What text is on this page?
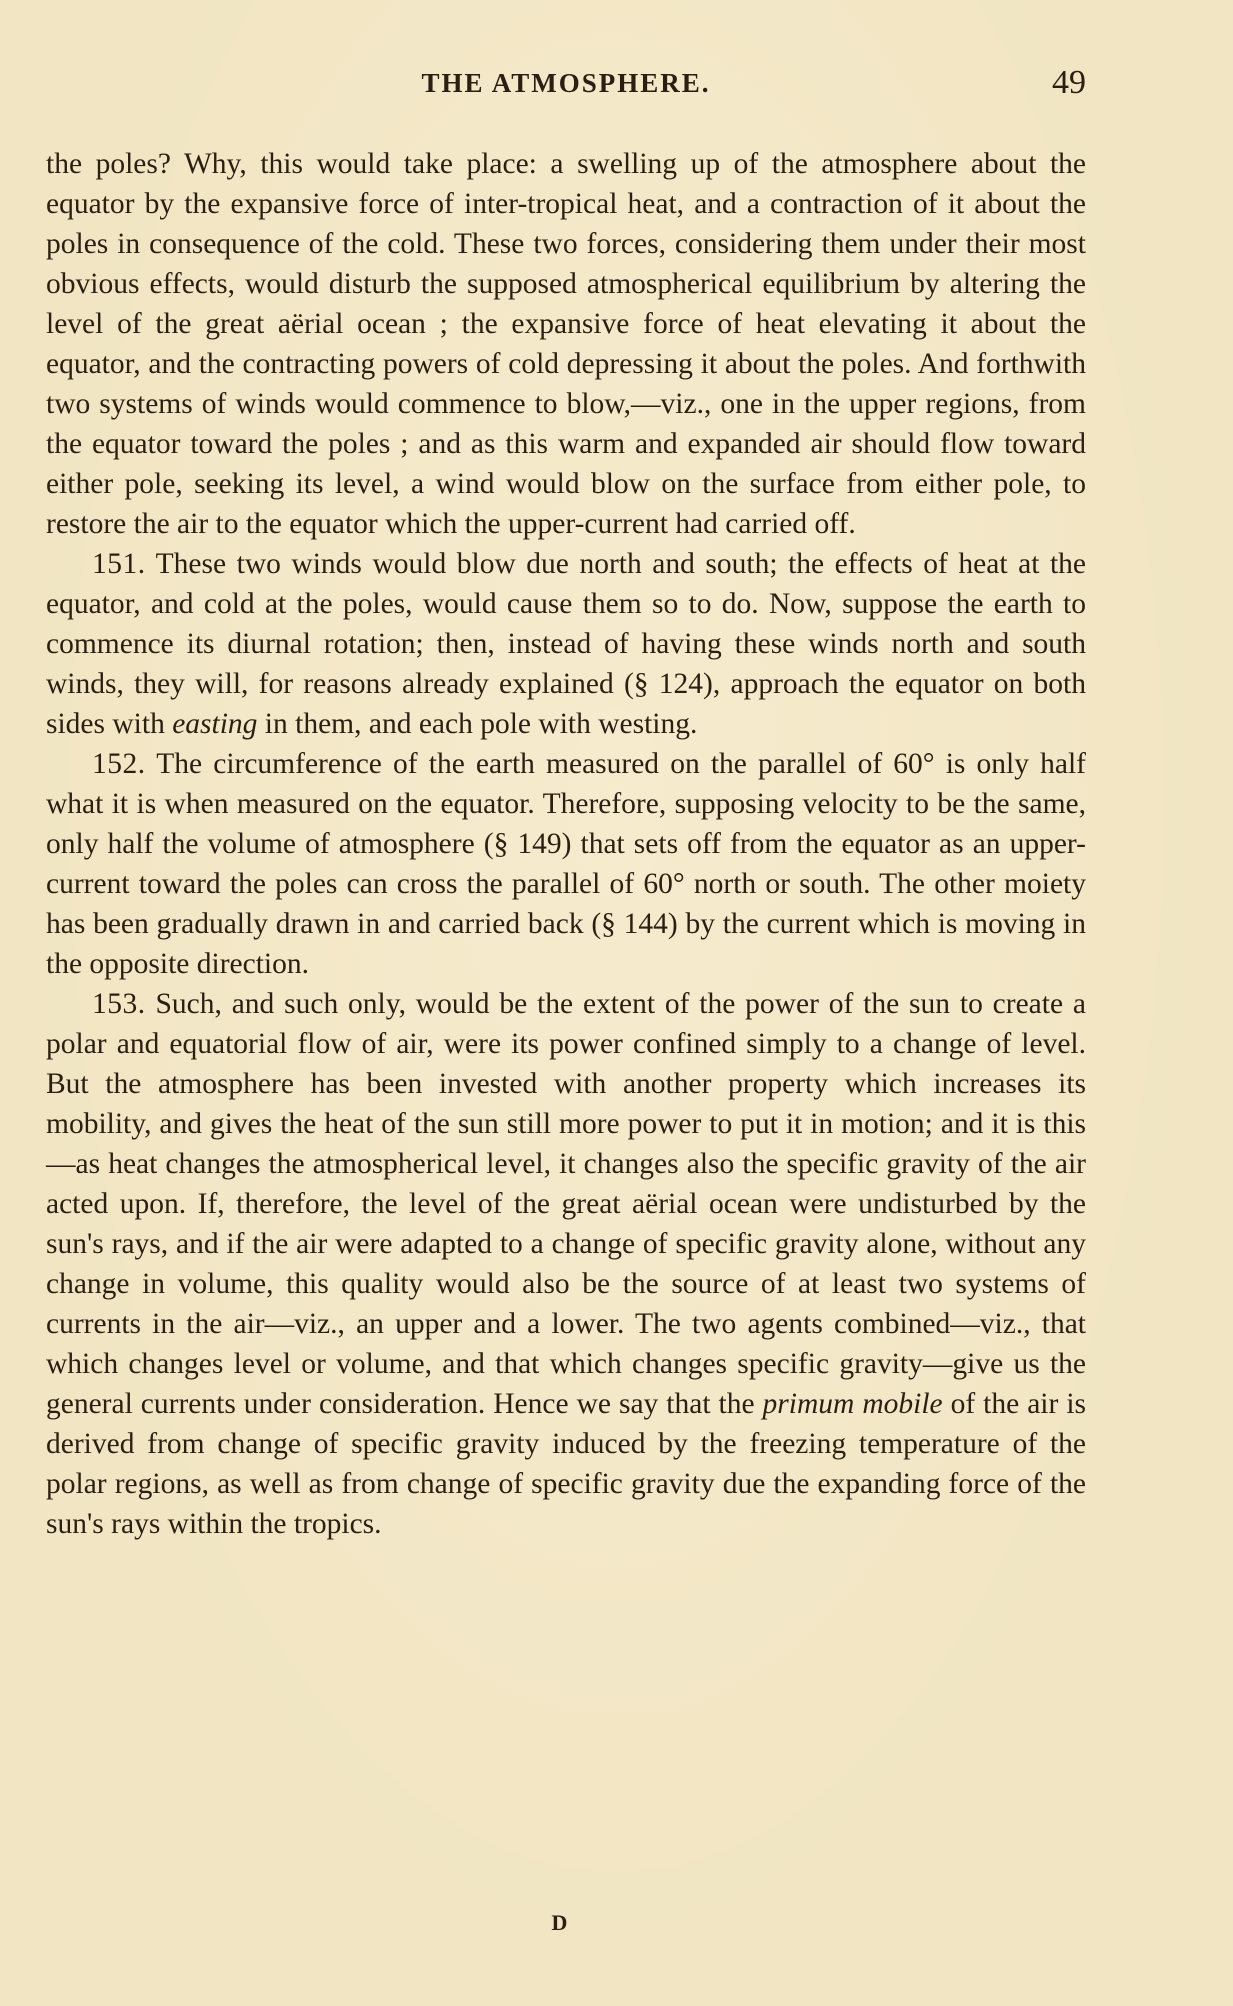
THE ATMOSPHERE.	49

the poles? Why, this would take place: a swelling up of the atmosphere about the equator by the expansive force of inter-tropical heat, and a contraction of it about the poles in consequence of the cold. These two forces, considering them under their most obvious effects, would disturb the supposed atmospherical equilibrium by altering the level of the great aërial ocean ; the expansive force of heat elevating it about the equator, and the contracting powers of cold depressing it about the poles. And forthwith two systems of winds would commence to blow,—viz., one in the upper regions, from the equator toward the poles ; and as this warm and expanded air should flow toward either pole, seeking its level, a wind would blow on the surface from either pole, to restore the air to the equator which the upper-current had carried off.

151. These two winds would blow due north and south; the effects of heat at the equator, and cold at the poles, would cause them so to do. Now, suppose the earth to commence its diurnal rotation; then, instead of having these winds north and south winds, they will, for reasons already explained (§ 124), approach the equator on both sides with easting in them, and each pole with westing.

152. The circumference of the earth measured on the parallel of 60° is only half what it is when measured on the equator. Therefore, supposing velocity to be the same, only half the volume of atmosphere (§ 149) that sets off from the equator as an upper-current toward the poles can cross the parallel of 60° north or south. The other moiety has been gradually drawn in and carried back (§ 144) by the current which is moving in the opposite direction.

153. Such, and such only, would be the extent of the power of the sun to create a polar and equatorial flow of air, were its power confined simply to a change of level. But the atmosphere has been invested with another property which increases its mobility, and gives the heat of the sun still more power to put it in motion; and it is this—as heat changes the atmospherical level, it changes also the specific gravity of the air acted upon. If, therefore, the level of the great aërial ocean were undisturbed by the sun's rays, and if the air were adapted to a change of specific gravity alone, without any change in volume, this quality would also be the source of at least two systems of currents in the air—viz., an upper and a lower. The two agents combined—viz., that which changes level or volume, and that which changes specific gravity—give us the general currents under consideration. Hence we say that the primum mobile of the air is derived from change of specific gravity induced by the freezing temperature of the polar regions, as well as from change of specific gravity due the expanding force of the sun's rays within the tropics.

D
